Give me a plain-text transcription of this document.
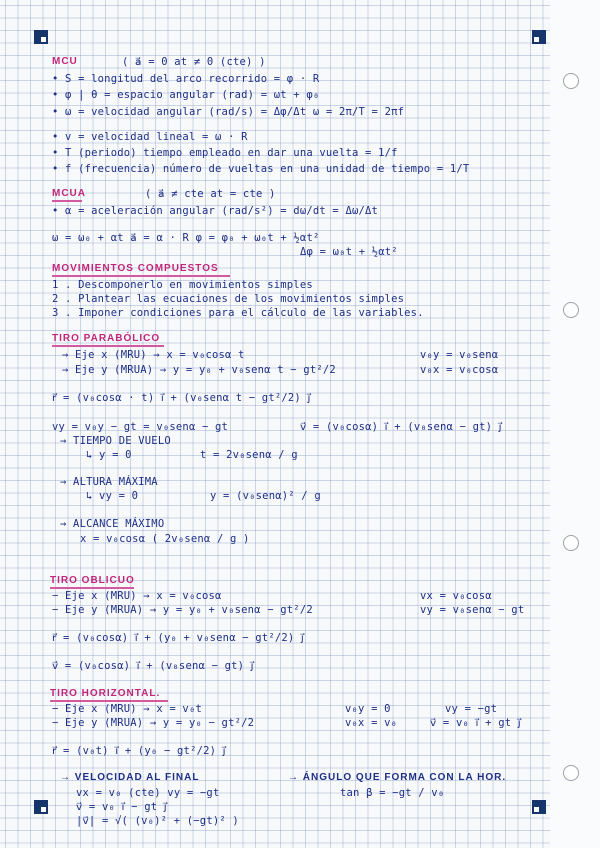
MCU	( a⃗ = 0 at ≠ 0 (cte) )
• S = longitud del arco recorrido = φ · R
• φ | θ = espacio angular (rad) = ωt + φ₀
• ω = velocidad angular (rad/s) = Δφ/Δt ω = 2π/T = 2πf
• v = velocidad lineal = ω · R
• T (periodo) tiempo empleado en dar una vuelta = 1/f
• f (frecuencia) número de vueltas en una unidad de tiempo = 1/T
MCUA	( a⃗ ≠ cte at = cte )
• α = aceleración angular (rad/s²) = dω/dt = Δω/Δt
ω = ω₀ + αt a⃗ = α · R φ = φ₀ + ω₀t + ½αt²
Δφ = ω₀t + ½αt²
MOVIMIENTOS COMPUESTOS
1 . Descomponerlo en movimientos simples
2 . Plantear las ecuaciones de los movimientos simples
3 . Imponer condiciones para el cálculo de las variables.
TIRO PARABÓLICO
→ Eje x (MRU) → x = v₀cosα t	v₀y = v₀senα
→ Eje y (MRUA) → y = y₀ + v₀senα t − gt²/2	v₀x = v₀cosα
r⃗ = (v₀cosα · t) i⃗ + (v₀senα t − gt²/2) j⃗
vy = v₀y − gt = v₀senα − gt	v⃗ = (v₀cosα) i⃗ + (v₀senα − gt) j⃗
→ TIEMPO DE VUELO
↳ y = 0	t = 2v₀senα / g
→ ALTURA MÁXIMA
↳ vy = 0	y = (v₀senα)² / g
→ ALCANCE MÁXIMO
x = v₀cosα ( 2v₀senα / g )
TIRO OBLICUO
− Eje x (MRU) → x = v₀cosα	vx = v₀cosα
− Eje y (MRUA) → y = y₀ + v₀senα − gt²/2	vy = v₀senα − gt
r⃗ = (v₀cosα) i⃗ + (y₀ + v₀senα − gt²/2) j⃗
v⃗ = (v₀cosα) i⃗ + (v₀senα − gt) j⃗
TIRO HORIZONTAL.
− Eje x (MRU) → x = v₀t	v₀y = 0	vy = −gt
− Eje y (MRUA) → y = y₀ − gt²/2	v₀x = v₀	v⃗ = v₀ i⃗ + gt j⃗
r⃗ = (v₀t) i⃗ + (y₀ − gt²/2) j⃗
→ VELOCIDAD AL FINAL	→ ÁNGULO QUE FORMA CON LA HOR.
vx = v₀ (cte) vy = −gt	tan β = −gt / v₀
v⃗ = v₀ i⃗ − gt j⃗
|v⃗| = √( (v₀)² + (−gt)² )
